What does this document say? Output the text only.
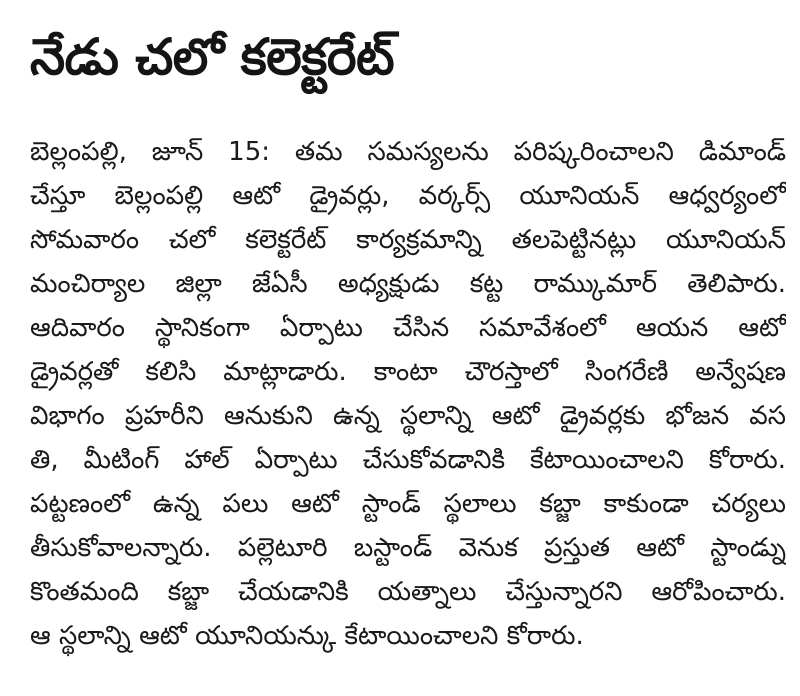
నేడు చలో కలెక్టరేట్
బెల్లంపల్లి, జూన్ 15: తమ సమస్యలను పరిష్కరించాలని డిమాండ్
చేస్తూ బెల్లంపల్లి ఆటో డ్రైవర్లు, వర్కర్స్ యూనియన్ ఆధ్వర్యంలో
సోమవారం చలో కలెక్టరేట్ కార్యక్రమాన్ని తలపెట్టినట్లు యూనియన్
మంచిర్యాల జిల్లా జేఏసీ అధ్యక్షుడు కట్ట రామ్కుమార్ తెలిపారు.
ఆదివారం స్థానికంగా ఏర్పాటు చేసిన సమావేశంలో ఆయన ఆటో
డ్రైవర్లతో కలిసి మాట్లాడారు. కాంటా చౌరస్తాలో సింగరేణి అన్వేషణ
విభాగం ప్రహరీని ఆనుకుని ఉన్న స్థలాన్ని ఆటో డ్రైవర్లకు భోజన వస
తి, మీటింగ్ హాల్ ఏర్పాటు చేసుకోవడానికి కేటాయించాలని కోరారు.
పట్టణంలో ఉన్న పలు ఆటో స్టాండ్ స్థలాలు కబ్జా కాకుండా చర్యలు
తీసుకోవాలన్నారు. పల్లెటూరి బస్టాండ్ వెనుక ప్రస్తుత ఆటో స్టాండ్ను
కొంతమంది కబ్జా చేయడానికి యత్నాలు చేస్తున్నారని ఆరోపించారు.
ఆ స్థలాన్ని ఆటో యూనియన్కు కేటాయించాలని కోరారు.
